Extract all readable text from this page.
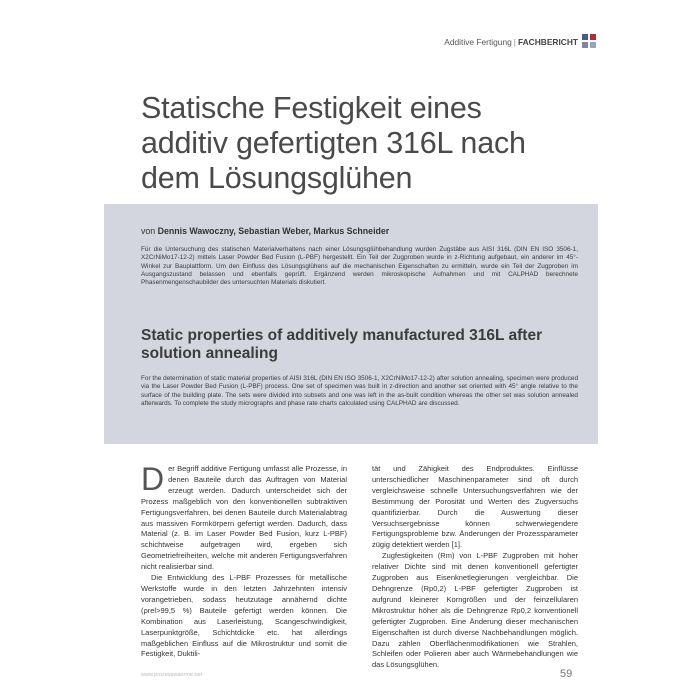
Additive Fertigung | FACHBERICHT
Statische Festigkeit eines additiv gefertigten 316L nach dem Lösungsglühen
von Dennis Wawoczny, Sebastian Weber, Markus Schneider

Für die Untersuchung des statischen Materialverhaltens nach einer Lösungsglühbehandlung wurden Zugstäbe aus AISI 316L (DIN EN ISO 3506-1, X2CrNiMo17-12-2) mittels Laser Powder Bed Fusion (L-PBF) hergestellt. Ein Teil der Zugproben wurde in z-Richtung aufgebaut, ein anderer im 45°-Winkel zur Bauplattform. Um den Einfluss des Lösungsglühens auf die mechanischen Eigenschaften zu ermitteln, wurde ein Teil der Zugproben im Ausgangszustand belassen und ebenfalls geprüft. Ergänzend werden mikroskopische Aufnahmen und mit CALPHAD berechnete Phasenmengenschaubilder des untersuchten Materials diskutiert.

Static properties of additively manufactured 316L after solution annealing

For the determination of static material properties of AISI 316L (DIN EN ISO 3506-1, X2CrNiMo17-12-2) after solution annealing, specimen were produced via the Laser Powder Bed Fusion (L-PBF) process. One set of specimen was built in z-direction and another set oriented with 45° angle relative to the surface of the building plate. The sets were divided into subsets and one was left in the as-built condition whereas the other set was solution annealed afterwards. To complete the study micrographs and phase rate charts calculated using CALPHAD are discussed.

Der Begriff additive Fertigung umfasst alle Prozesse, in denen Bauteile durch das Auftragen von Material erzeugt werden. Dadurch unterscheidet sich der Prozess maßgeblich von den konventionellen subtraktiven Fertigungsverfahren, bei denen Bauteile durch Materialabtrag aus massiven Formkörpern gefertigt werden. Dadurch, dass Material (z. B. im Laser Powder Bed Fusion, kurz L-PBF) schichtweise aufgetragen wird, ergeben sich Geometriefreiheiten, welche mit anderen Fertigungsverfahren nicht realisierbar sind.

Die Entwicklung des L-PBF Prozesses für metallische Werkstoffe wurde in den letzten Jahrzehnten intensiv vorangetrieben, sodass heutzutage annähernd dichte (ρrel>99,5 %) Bauteile gefertigt werden können. Die Kombination aus Laserleistung, Scangeschwindigkeit, Laserpunktgröße, Schichtdicke etc. hat allerdings maßgeblichen Einfluss auf die Mikrostruktur und somit die Festigkeit, Duktili-

tät und Zähigkeit des Endproduktes. Einflüsse unterschiedlicher Maschinenparameter sind oft durch vergleichsweise schnelle Untersuchungsverfahren wie der Bestimmung der Porosität und Werten des Zugversuchs quantifizierbar. Durch die Auswertung dieser Versuchsergebnisse können schwerwiegendere Fertigungsprobleme bzw. Änderungen der Prozessparameter zügig detektiert werden [1].

Zugfestigkeiten (Rm) von L-PBF Zugproben mit hoher relativer Dichte sind mit denen konventionell gefertigter Zugproben aus Eisenknetlegierungen vergleichbar. Die Dehngrenze (Rp0,2) L-PBF gefertigter Zugproben ist aufgrund kleinerer Korngrößen und der feinzellularen Mikrostruktur höher als die Dehngrenze Rp0,2 konventionell gefertigter Zugproben. Eine Änderung dieser mechanischen Eigenschaften ist durch diverse Nachbehandlungen möglich. Dazu zählen Oberflächenmodifikationen wie Strahlen, Schleifen oder Polieren aber auch Wärmebehandlungen wie das Lösungsglühen.

www.prozesswaerme.net	59
